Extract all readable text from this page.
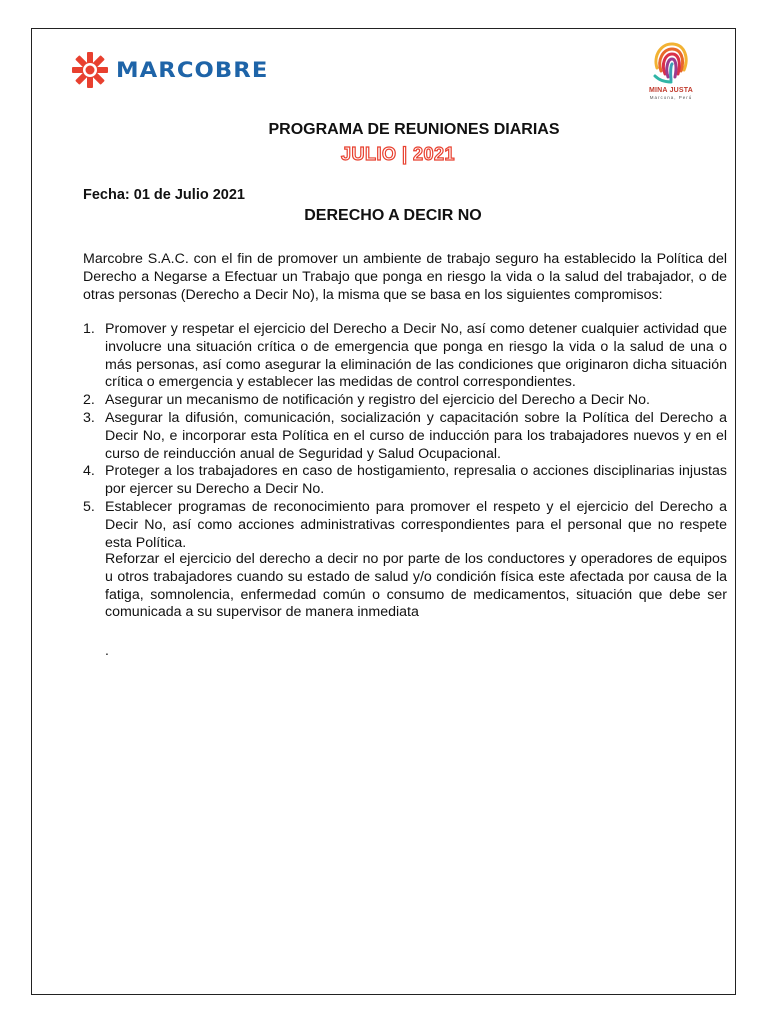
MARCOBRE
MINA JUSTA
Marcona, Perú
PROGRAMA DE REUNIONES DIARIAS
JULIO | 2021
Fecha: 01 de Julio 2021
DERECHO A DECIR NO
Marcobre S.A.C. con el fin de promover un ambiente de trabajo seguro ha establecido la Política del Derecho a Negarse a Efectuar un Trabajo que ponga en riesgo la vida o la salud del trabajador, o de otras personas (Derecho a Decir No), la misma que se basa en los siguientes compromisos:
1. Promover y respetar el ejercicio del Derecho a Decir No, así como detener cualquier actividad que involucre una situación crítica o de emergencia que ponga en riesgo la vida o la salud de una o más personas, así como asegurar la eliminación de las condiciones que originaron dicha situación crítica o emergencia y establecer las medidas de control correspondientes.
2. Asegurar un mecanismo de notificación y registro del ejercicio del Derecho a Decir No.
3. Asegurar la difusión, comunicación, socialización y capacitación sobre la Política del Derecho a Decir No, e incorporar esta Política en el curso de inducción para los trabajadores nuevos y en el curso de reinducción anual de Seguridad y Salud Ocupacional.
4. Proteger a los trabajadores en caso de hostigamiento, represalia o acciones disciplinarias injustas por ejercer su Derecho a Decir No.
5. Establecer programas de reconocimiento para promover el respeto y el ejercicio del Derecho a Decir No, así como acciones administrativas correspondientes para el personal que no respete esta Política.
Reforzar el ejercicio del derecho a decir no por parte de los conductores y operadores de equipos u otros trabajadores cuando su estado de salud y/o condición física este afectada por causa de la fatiga, somnolencia, enfermedad común o consumo de medicamentos, situación que debe ser comunicada a su supervisor de manera inmediata
.
